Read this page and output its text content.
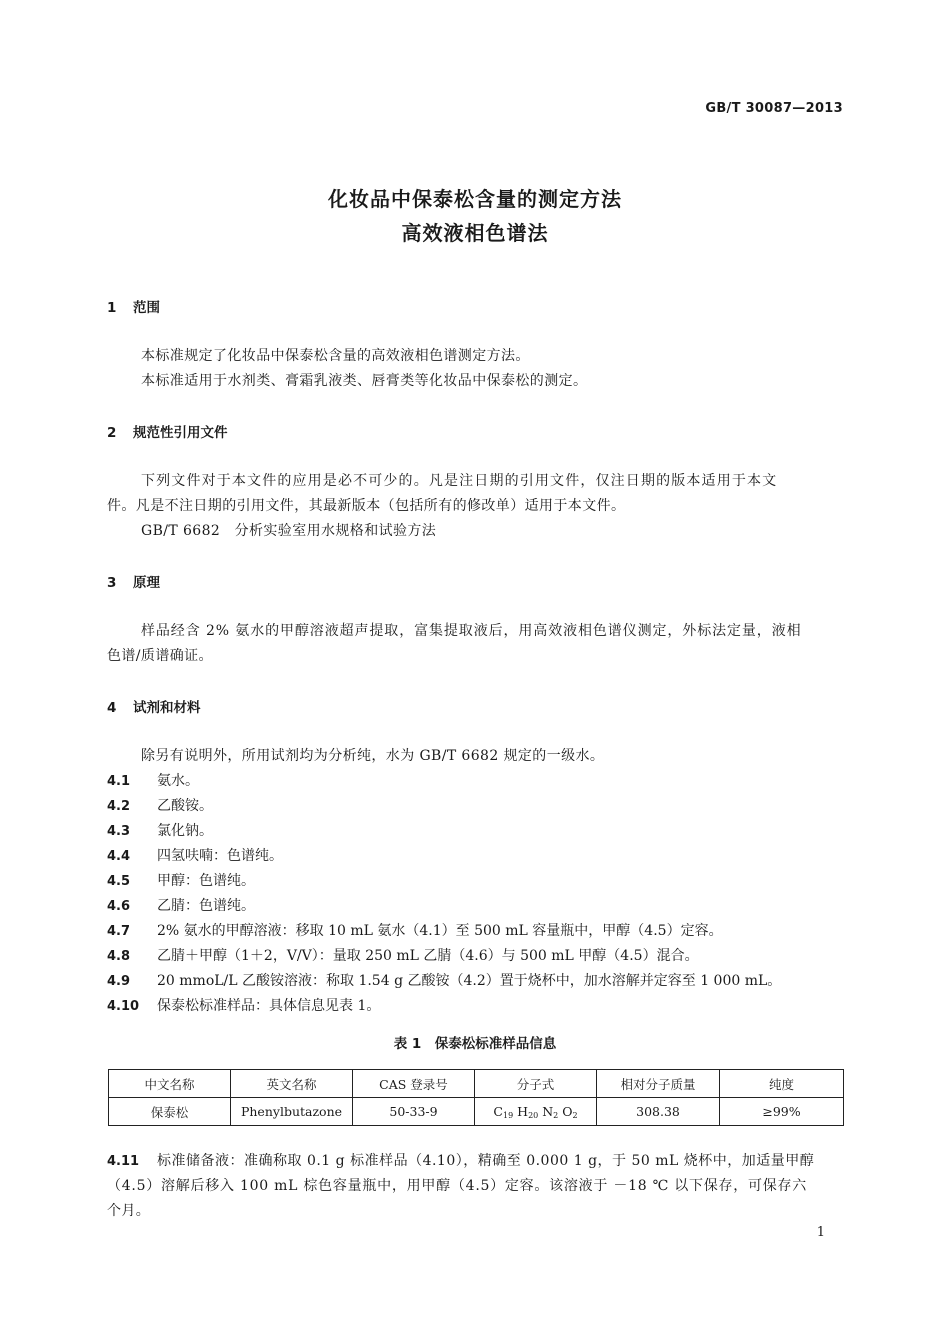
GB/T 30087—2013
化妆品中保泰松含量的测定方法
高效液相色谱法
1 范围
本标准规定了化妆品中保泰松含量的高效液相色谱测定方法。
本标准适用于水剂类、膏霜乳液类、唇膏类等化妆品中保泰松的测定。
2 规范性引用文件
下列文件对于本文件的应用是必不可少的。凡是注日期的引用文件，仅注日期的版本适用于本文
件。凡是不注日期的引用文件，其最新版本（包括所有的修改单）适用于本文件。
GB/T 6682　分析实验室用水规格和试验方法
3 原理
样品经含 2% 氨水的甲醇溶液超声提取，富集提取液后，用高效液相色谱仪测定，外标法定量，液相
色谱/质谱确证。
4 试剂和材料
除另有说明外，所用试剂均为分析纯，水为 GB/T 6682 规定的一级水。
4.1 氨水。
4.2 乙酸铵。
4.3 氯化钠。
4.4 四氢呋喃：色谱纯。
4.5 甲醇：色谱纯。
4.6 乙腈：色谱纯。
4.7 2% 氨水的甲醇溶液：移取 10 mL 氨水（4.1）至 500 mL 容量瓶中，甲醇（4.5）定容。
4.8 乙腈＋甲醇（1＋2，V/V）：量取 250 mL 乙腈（4.6）与 500 mL 甲醇（4.5）混合。
4.9 20 mmoL/L 乙酸铵溶液：称取 1.54 g 乙酸铵（4.2）置于烧杯中，加水溶解并定容至 1 000 mL。
4.10 保泰松标准样品：具体信息见表 1。
表 1　保泰松标准样品信息
中文名称	英文名称	CAS 登录号	分子式	相对分子质量	纯度
保泰松	Phenylbutazone	50-33-9	$C_{19}$ $H_{20}$ $N_2$ $O_2$	308.38	≥99%
4.11 标准储备液：准确称取 0.1 g 标准样品（4.10），精确至 0.000 1 g，于 50 mL 烧杯中，加适量甲醇
（4.5）溶解后移入 100 mL 棕色容量瓶中，用甲醇（4.5）定容。该溶液于 －18 ℃ 以下保存，可保存六
个月。
1
